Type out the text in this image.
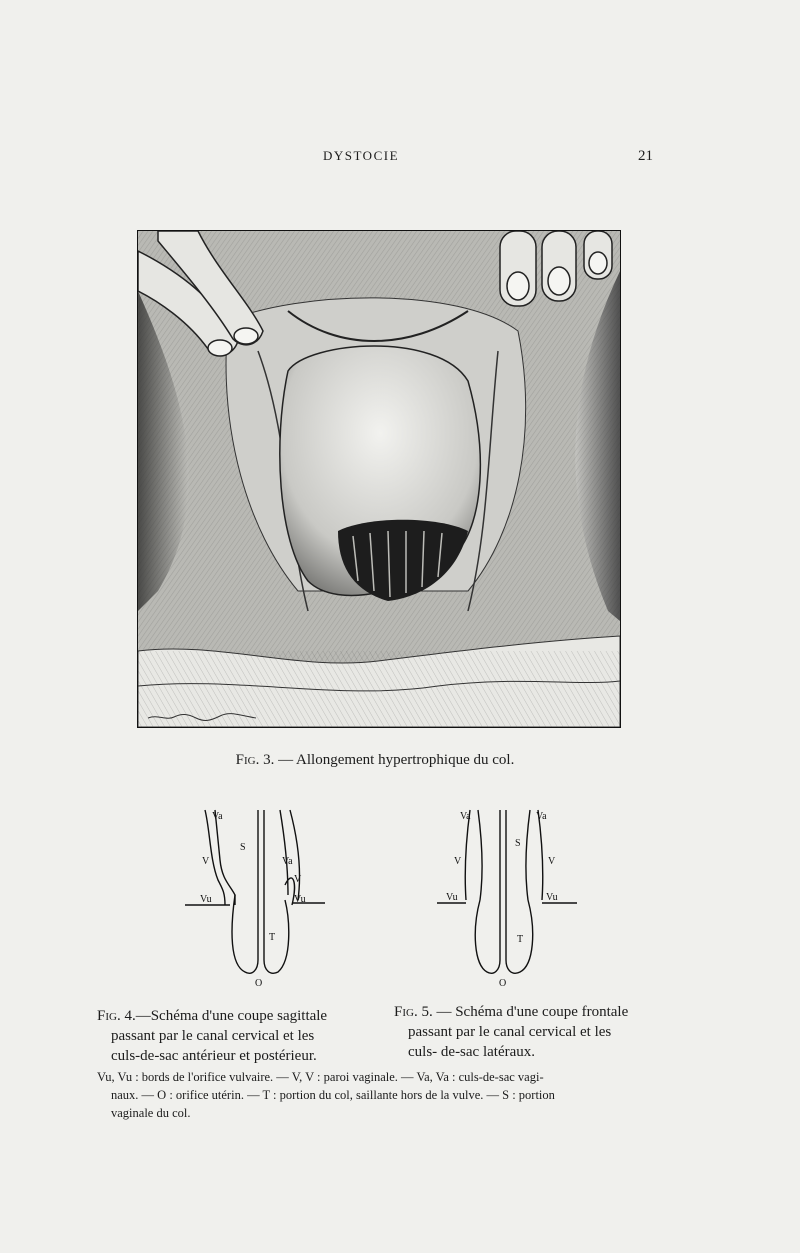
DYSTOCIE	21
Fig. 3. — Allongement hypertrophique du col.
Va
V
Vu
S
Va
V
Vu
T
O
Va
V
Vu
S
Va
V
Vu
T
O
Fig. 4.—Schéma d'une coupe sagittale
passant par le canal cervical et les
culs-de-sac antérieur et postérieur.
Fig. 5. — Schéma d'une coupe frontale
passant par le canal cervical et les
culs- de-sac latéraux.
Vu, Vu : bords de l'orifice vulvaire. — V, V : paroi vaginale. — Va, Va : culs-de-sac vagi-
naux. — O : orifice utérin. — T : portion du col, saillante hors de la vulve. — S : portion
vaginale du col.
